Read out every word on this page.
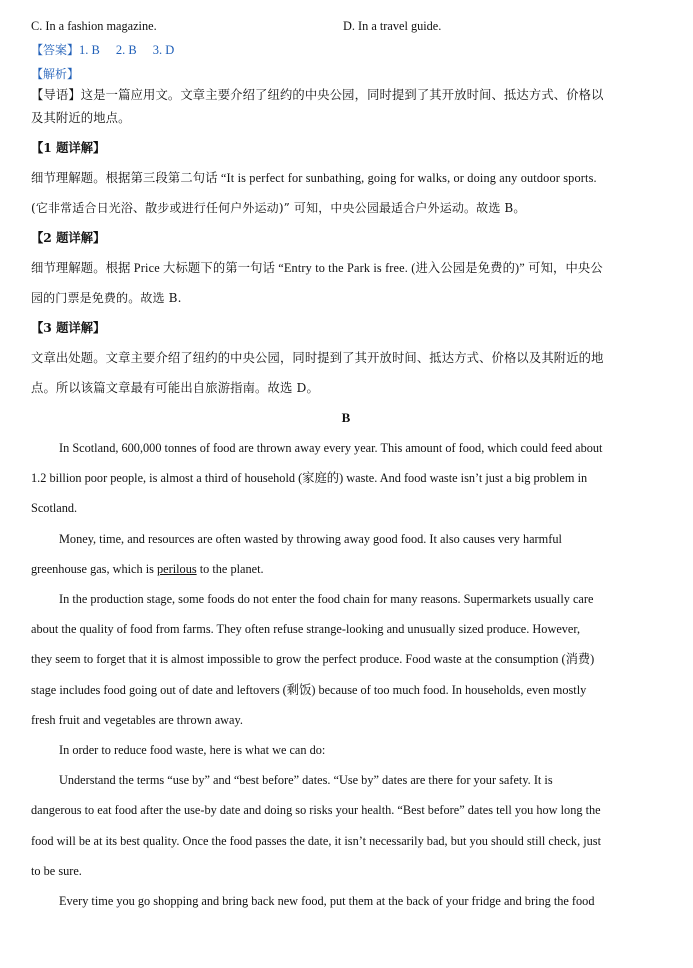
C. In a fashion magazine.	D. In a travel guide.
【答案】1. B 2. B 3. D
【解析】
【导语】这是一篇应用文。文章主要介绍了纽约的中央公园，同时提到了其开放时间、抵达方式、价格以
及其附近的地点。
【1 题详解】
细节理解题。根据第三段第二句话 “It is perfect for sunbathing, going for walks, or doing any outdoor sports.
(它非常适合日光浴、散步或进行任何户外运动)” 可知，中央公园最适合户外运动。故选 B。
【2 题详解】
细节理解题。根据 Price 大标题下的第一句话 “Entry to the Park is free. (进入公园是免费的)” 可知，中央公
园的门票是免费的。故选 B.
【3 题详解】
文章出处题。文章主要介绍了纽约的中央公园，同时提到了其开放时间、抵达方式、价格以及其附近的地
点。所以该篇文章最有可能出自旅游指南。故选 D。
B
In Scotland, 600,000 tonnes of food are thrown away every year. This amount of food, which could feed about
1.2 billion poor people, is almost a third of household (家庭的) waste. And food waste isn’t just a big problem in
Scotland.
Money, time, and resources are often wasted by throwing away good food. It also causes very harmful
greenhouse gas, which is perilous to the planet.
In the production stage, some foods do not enter the food chain for many reasons. Supermarkets usually care
about the quality of food from farms. They often refuse strange-looking and unusually sized produce. However,
they seem to forget that it is almost impossible to grow the perfect produce. Food waste at the consumption (消费)
stage includes food going out of date and leftovers (剩饭) because of too much food. In households, even mostly
fresh fruit and vegetables are thrown away.
In order to reduce food waste, here is what we can do:
Understand the terms “use by” and “best before” dates. “Use by” dates are there for your safety. It is
dangerous to eat food after the use-by date and doing so risks your health. “Best before” dates tell you how long the
food will be at its best quality. Once the food passes the date, it isn’t necessarily bad, but you should still check, just
to be sure.
Every time you go shopping and bring back new food, put them at the back of your fridge and bring the food
